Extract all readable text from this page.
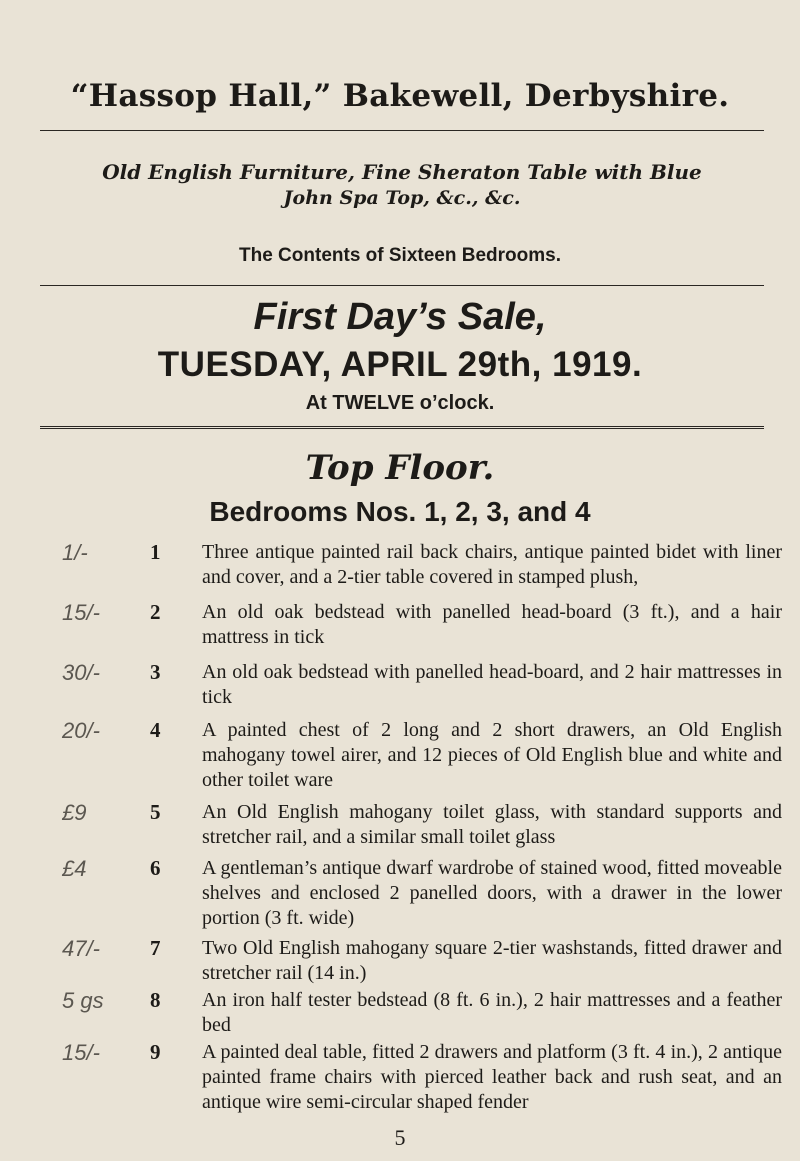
“Hassop Hall,” Bakewell, Derbyshire.
Old English Furniture, Fine Sheraton Table with Blue
John Spa Top, &c., &c.
The Contents of Sixteen Bedrooms.
First Day’s Sale,
TUESDAY, APRIL 29th, 1919.
At TWELVE o’clock.
Top Floor.
Bedrooms Nos. 1, 2, 3, and 4
1/-	1 Three antique painted rail back chairs, antique painted bidet with liner and cover, and a 2-tier table covered in stamped plush,
15/- 2 An old oak bedstead with panelled head-board (3 ft.), and a hair mattress in tick
30/- 3 An old oak bedstead with panelled head-board, and 2 hair mattresses in tick
20/- 4 A painted chest of 2 long and 2 short drawers, an Old English mahogany towel airer, and 12 pieces of Old English blue and white and other toilet ware
£9	5 An Old English mahogany toilet glass, with standard supports and stretcher rail, and a similar small toilet glass
£4	6 A gentleman’s antique dwarf wardrobe of stained wood, fitted moveable shelves and enclosed 2 panelled doors, with a drawer in the lower portion (3 ft. wide)
47/- 7 Two Old English mahogany square 2-tier washstands, fitted drawer and stretcher rail (14 in.)
5
5 gs 8 An iron half tester bedstead (8 ft. 6 in.), 2 hair mattresses and a feather bed
15/- 9 A painted deal table, fitted 2 drawers and platform (3 ft. 4 in.), 2 antique painted frame chairs with pierced leather back and rush seat, and an antique wire semi-circular shaped fender
